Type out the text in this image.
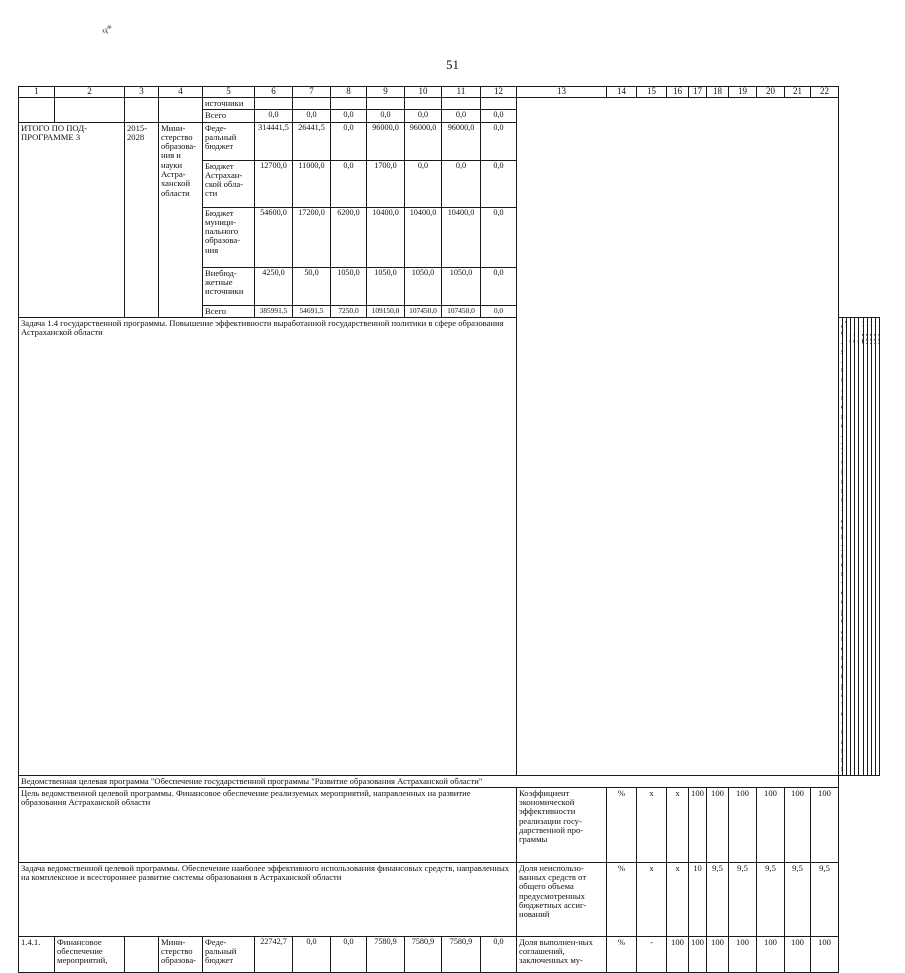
51
ч*
1	2	3	4	5	6	7	8	9	10	11	12	13	14	15	16	17	18	19	20	21	22										
				источники																											
				Всего	0,0	0,0	0,0	0,0	0,0	0,0	0,0																				
ИТОГО ПО ПОД-ПРОГРАММЕ 3		2015-2028	Мини-стерство образова-ния и науки Астра-ханской области	Феде-ральный бюджет	314441,5	26441,5	0,0	96000,0	96000,0	96000,0	0,0																				
				Бюджет Астрахан-ской обла-сти	12700,0	11000,0	0,0	1700,0	0,0	0,0	0,0																				
				Бюджет муници-пального образова-ния	54600,0	17200,0	6200,0	10400,0	10400,0	10400,0	0,0																				
				Внебюд-жетные источники	4250,0	50,0	1050,0	1050,0	1050,0	1050,0	0,0																				
				Всего	385991,5	54691,5	7250,0	109150,0	107450,0	107450,0	0,0																				
Задача 1.4 государственной программы. Повышение эффективности выработанной государственной политики в сфере образования Астраханской области										
Ведомственная целевая программа "Обеспечение государственной программы "Развитие образования Астраханской области"																															
Цель ведомственной целевой программы. Финансовое обеспечение реализуемых мероприятий, направленных на развитие образования Астраханской области												Коэффициент экономической эффективности реализации госу-дарственной про-граммы	%	х	х	100	100	100	100	100	100										
Задача ведомственной целевой программы. Обеспечение наиболее эффективного использования финансовых средств, направленных на комплексное и всестороннее развитие системы образования в Астраханской области												Доля неиспользо-ванных средств от общего объема предусмотренных бюджетных ассиг-нований	%	х	х	10	9,5	9,5	9,5	9,5	9,5										
1.4.1.	Финансовое обеспечение мероприятий,		Мини-стерство образова-	Феде-ральный бюджет	22742,7	0,0	0,0	7580,9	7580,9	7580,9	0,0	Доля выполнен-ных соглашений, заключенных му-	%	-	100	100	100	100	100	100	100										
